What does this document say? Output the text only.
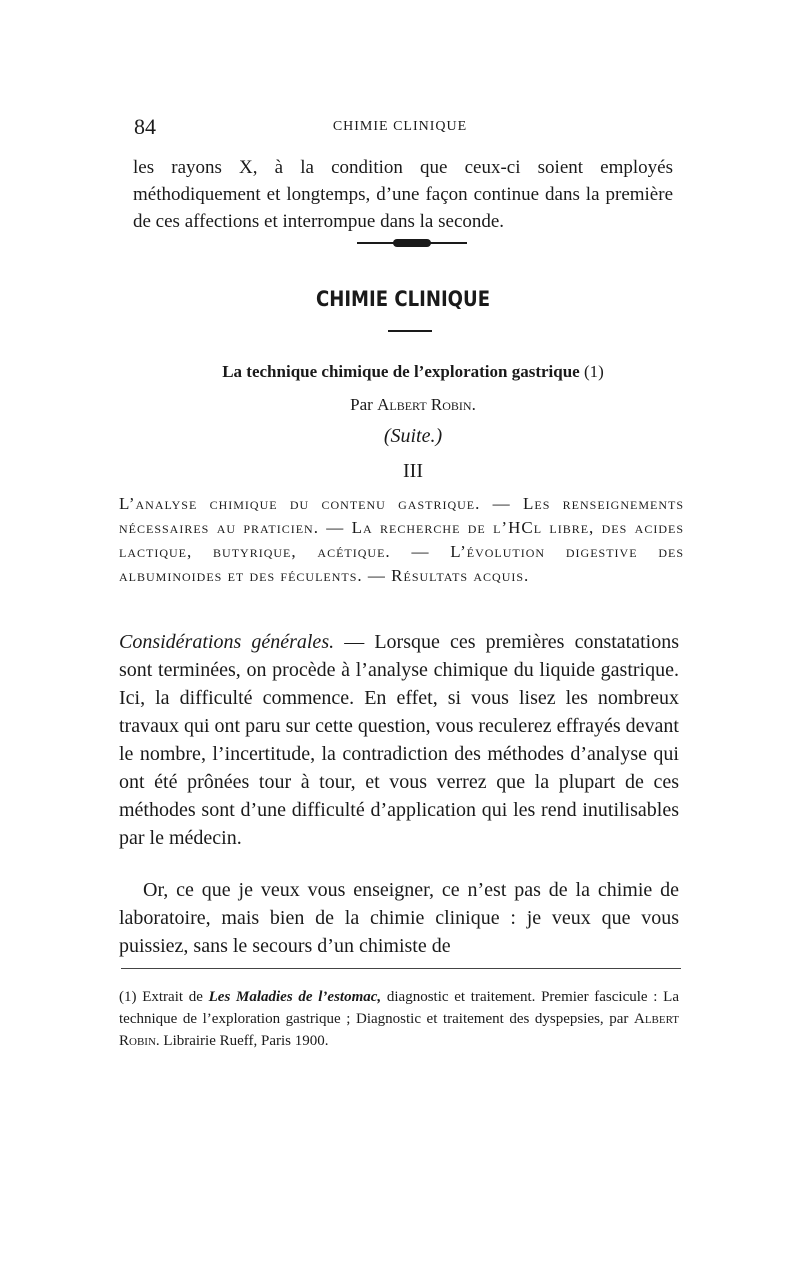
84	CHIMIE CLINIQUE
les rayons X, à la condition que ceux-ci soient employés méthodiquement et longtemps, d’une façon continue dans la première de ces affections et interrompue dans la seconde.
CHIMIE CLINIQUE
La technique chimique de l’exploration gastrique (1)
Par Albert Robin.
(Suite.)
III
L’analyse chimique du contenu gastrique. — Les renseignements nécessaires au praticien. — La recherche de l’HCl libre, des acides lactique, butyrique, acétique. — L’évolution digestive des albuminoides et des féculents. — Résultats acquis.
Considérations générales. — Lorsque ces premières constatations sont terminées, on procède à l’analyse chimique du liquide gastrique. Ici, la difficulté commence. En effet, si vous lisez les nombreux travaux qui ont paru sur cette question, vous reculerez effrayés devant le nombre, l’incertitude, la contradiction des méthodes d’analyse qui ont été prônées tour à tour, et vous verrez que la plupart de ces méthodes sont d’une difficulté d’application qui les rend inutilisables par le médecin.
Or, ce que je veux vous enseigner, ce n’est pas de la chimie de laboratoire, mais bien de la chimie clinique : je veux que vous puissiez, sans le secours d’un chimiste de
(1) Extrait de Les Maladies de l’estomac, diagnostic et traitement. Premier fascicule : La technique de l’exploration gastrique ; Diagnostic et traitement des dyspepsies, par Albert Robin. Librairie Rueff, Paris 1900.
